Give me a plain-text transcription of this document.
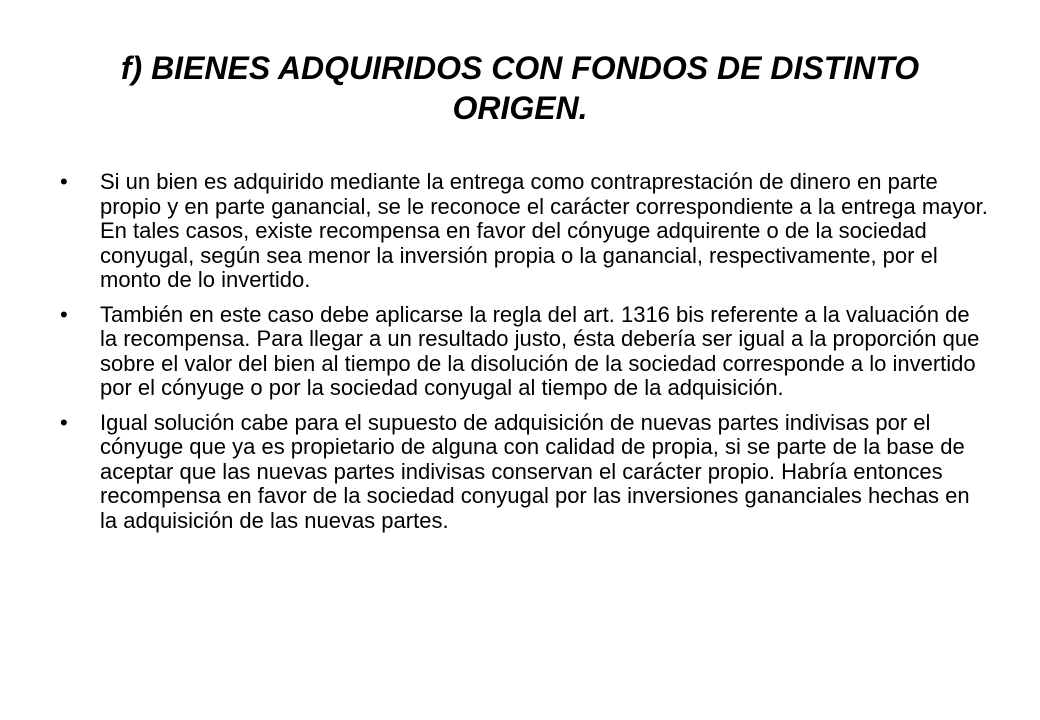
f) BIENES ADQUIRIDOS CON FONDOS DE DISTINTO ORIGEN.
•	Si un bien es adquirido mediante la entrega como contraprestación de dinero en parte propio y en parte ganancial, se le reconoce el carácter correspondiente a la entrega mayor. En tales casos, existe recompensa en favor del cónyuge adquirente o de la sociedad conyugal, según sea menor la inversión propia o la ganancial, respectivamente, por el monto de lo invertido.
•	También en este caso debe aplicarse la regla del art. 1316 bis referente a la valuación de la recompensa. Para llegar a un resultado justo, ésta debería ser igual a la proporción que sobre el valor del bien al tiempo de la disolución de la sociedad corresponde a lo invertido por el cónyuge o por la sociedad conyugal al tiempo de la adquisición.
•	Igual solución cabe para el supuesto de adquisición de nuevas partes indivisas por el cónyuge que ya es propietario de alguna con calidad de propia, si se parte de la base de aceptar que las nuevas partes indivisas conservan el carácter propio. Habría entonces recompensa en favor de la sociedad conyugal por las inversiones gananciales hechas en la adquisición de las nuevas partes.
